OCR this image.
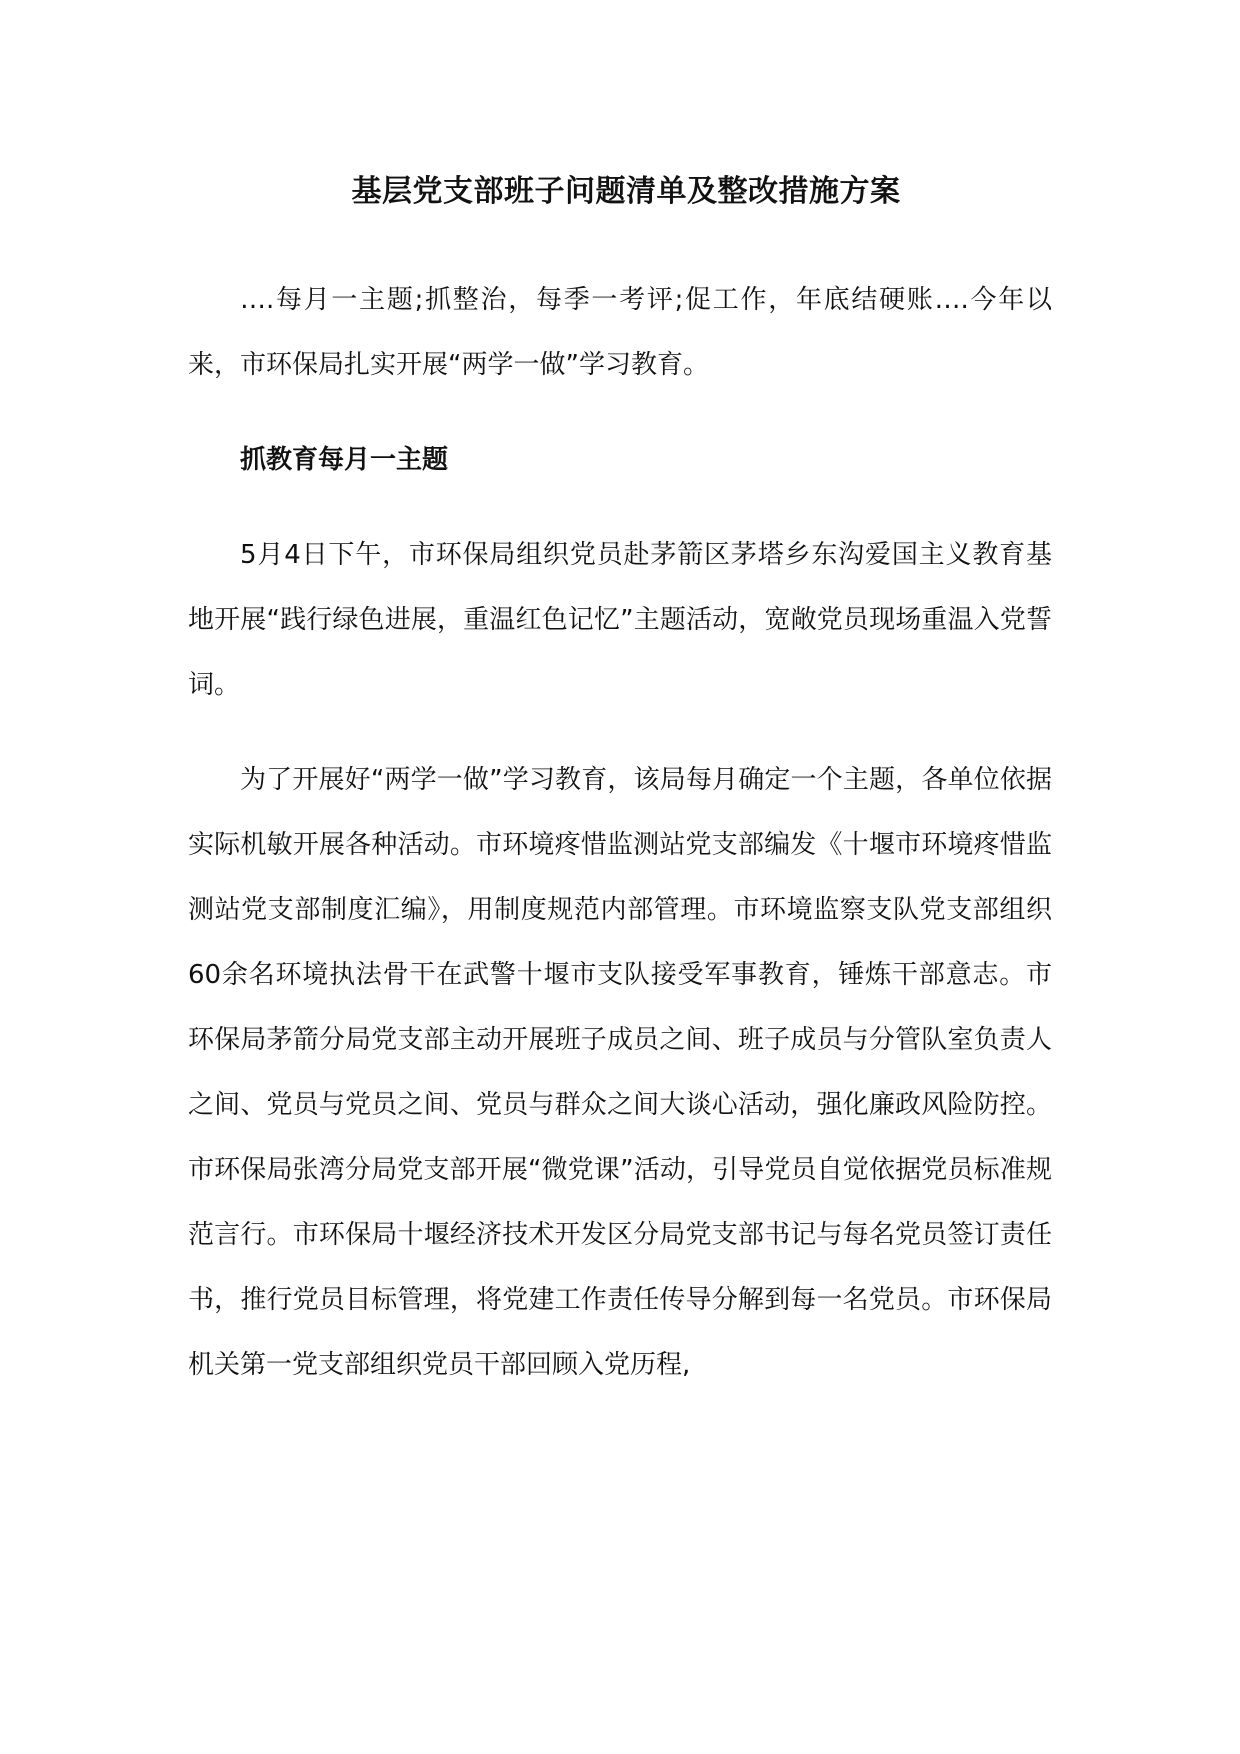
基层党支部班子问题清单及整改措施方案

….每月一主题;抓整治，每季一考评;促工作，年底结硬账….今年以来，市环保局扎实开展“两学一做”学习教育。

抓教育每月一主题

5月4日下午，市环保局组织党员赴茅箭区茅塔乡东沟爱国主义教育基地开展“践行绿色进展，重温红色记忆”主题活动，宽敞党员现场重温入党誓词。

为了开展好“两学一做”学习教育，该局每月确定一个主题，各单位依据实际机敏开展各种活动。市环境疼惜监测站党支部编发《十堰市环境疼惜监测站党支部制度汇编》，用制度规范内部管理。市环境监察支队党支部组织60余名环境执法骨干在武警十堰市支队接受军事教育，锤炼干部意志。市环保局茅箭分局党支部主动开展班子成员之间、班子成员与分管队室负责人之间、党员与党员之间、党员与群众之间大谈心活动，强化廉政风险防控。市环保局张湾分局党支部开展“微党课”活动，引导党员自觉依据党员标准规范言行。市环保局十堰经济技术开发区分局党支部书记与每名党员签订责任书，推行党员目标管理，将党建工作责任传导分解到每一名党员。市环保局机关第一党支部组织党员干部回顾入党历程,
